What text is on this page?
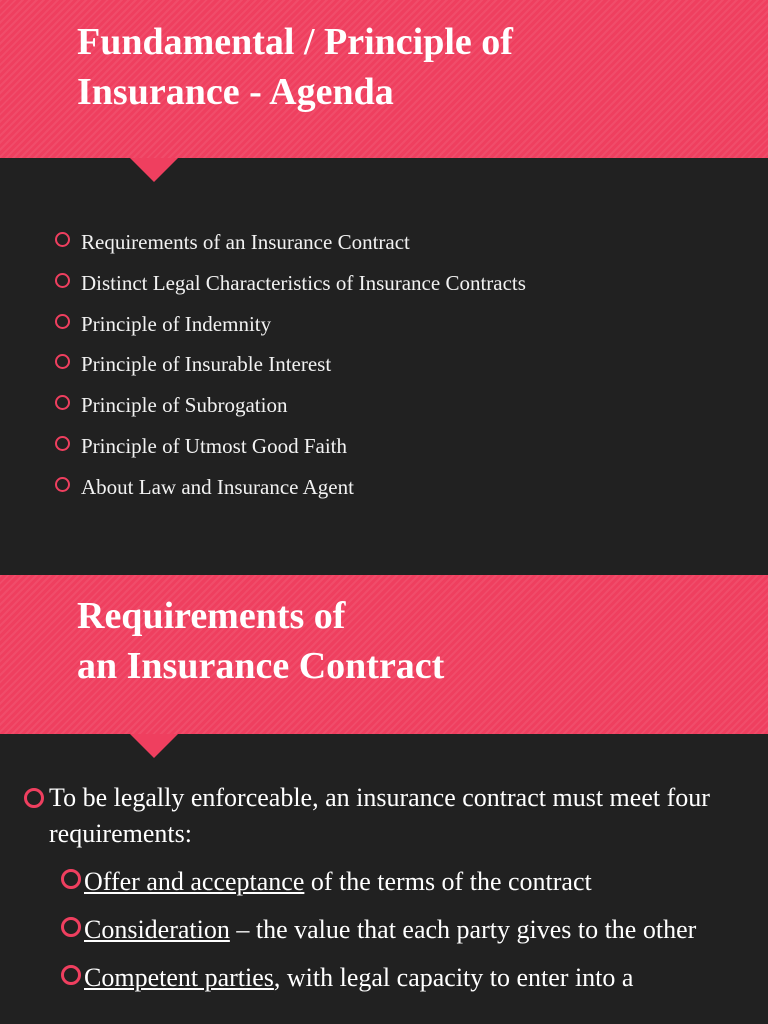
Fundamental / Principle of
Insurance - Agenda
Requirements of an Insurance Contract
Distinct Legal Characteristics of Insurance Contracts
Principle of Indemnity
Principle of Insurable Interest
Principle of Subrogation
Principle of Utmost Good Faith
About Law and Insurance Agent
Requirements of
an Insurance Contract

To be legally enforceable, an insurance contract must meet four requirements:

Offer and acceptance of the terms of the contract
Consideration – the value that each party gives to the other
Competent parties, with legal capacity to enter into a
